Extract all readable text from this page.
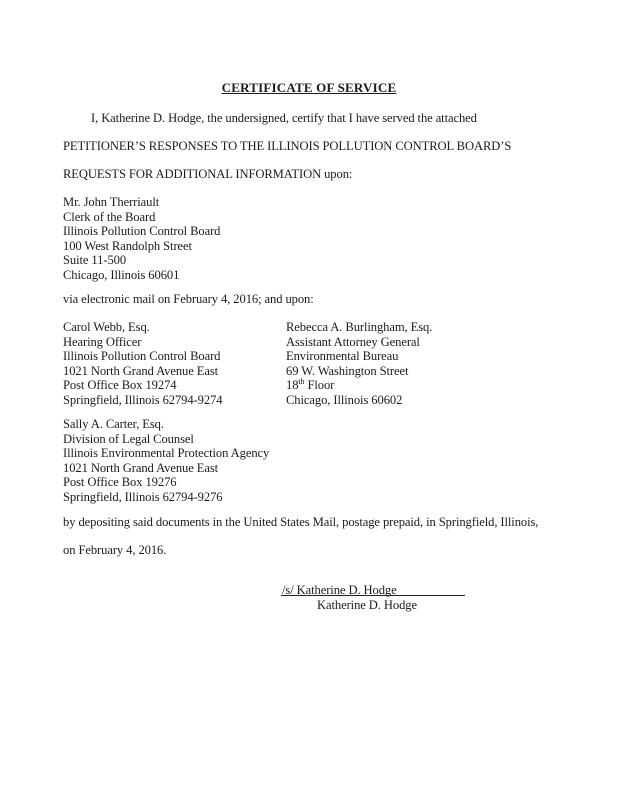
CERTIFICATE OF SERVICE
I, Katherine D. Hodge, the undersigned, certify that I have served the attached
PETITIONER’S RESPONSES TO THE ILLINOIS POLLUTION CONTROL BOARD’S
REQUESTS FOR ADDITIONAL INFORMATION upon:
Mr. John Therriault
Clerk of the Board
Illinois Pollution Control Board
100 West Randolph Street
Suite 11-500
Chicago, Illinois 60601
via electronic mail on February 4, 2016; and upon:
Carol Webb, Esq.
Hearing Officer
Illinois Pollution Control Board
1021 North Grand Avenue East
Post Office Box 19274
Springfield, Illinois 62794-9274
Rebecca A. Burlingham, Esq.
Assistant Attorney General
Environmental Bureau
69 W. Washington Street
18th Floor
Chicago, Illinois 60602
Sally A. Carter, Esq.
Division of Legal Counsel
Illinois Environmental Protection Agency
1021 North Grand Avenue East
Post Office Box 19276
Springfield, Illinois 62794-9276
by depositing said documents in the United States Mail, postage prepaid, in Springfield, Illinois,
on February 4, 2016.
/s/ Katherine D. Hodge
Katherine D. Hodge
